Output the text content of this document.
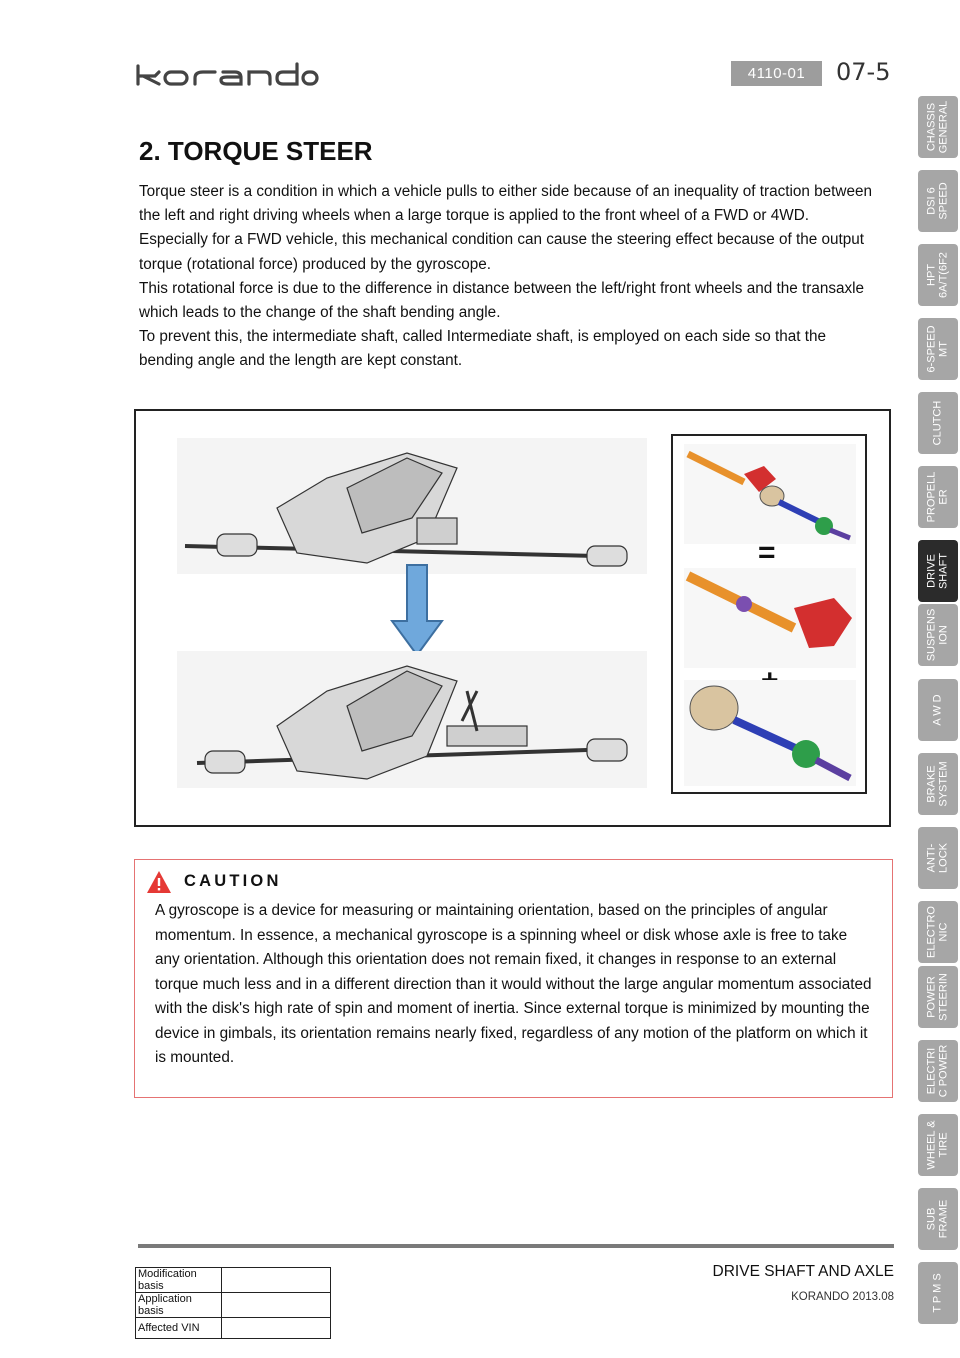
4110-01	07-5
2. TORQUE STEER

Torque steer is a condition in which a vehicle pulls to either side because of an inequality of traction between the left and right driving wheels when a large torque is applied to the front wheel of a FWD or 4WD.

Especially for a FWD vehicle, this mechanical condition can cause the steering effect because of the output torque (rotational force) produced by the gyroscope.

This rotational force is due to the difference in distance between the left/right front wheels and the transaxle which leads to the change of the shaft bending angle.

To prevent this, the intermediate shaft, called Intermediate shaft, is employed on each side so that the bending angle and the length are kept constant.

=
+
CAUTION

A gyroscope is a device for measuring or maintaining orientation, based on the principles of angular momentum. In essence, a mechanical gyroscope is a spinning wheel or disk whose axle is free to take any orientation. Although this orientation does not remain fixed, it changes in response to an external torque much less and in a different direction than it would without the large angular momentum associated with the disk's high rate of spin and moment of inertia. Since external torque is minimized by mounting the device in gimbals, its orientation remains nearly fixed, regardless of any motion of the platform on which it is mounted.

DRIVE SHAFT AND AXLE
KORANDO 2013.08
Modification basis	
Application basis	
Affected VIN	
CHASSIS
GENERAL
DSI 6
SPEED
HPT
6A/T(6F2
6-SPEED
MT
CLUTCH
PROPELL
ER
DRIVE
SHAFT
SUSPENS
ION
A W D
BRAKE
SYSTEM
ANTI-
LOCK
ELECTRO
NIC
POWER
STEERIN
ELECTRI
C POWER
WHEEL &
TIRE
SUB
FRAME
T P M S
